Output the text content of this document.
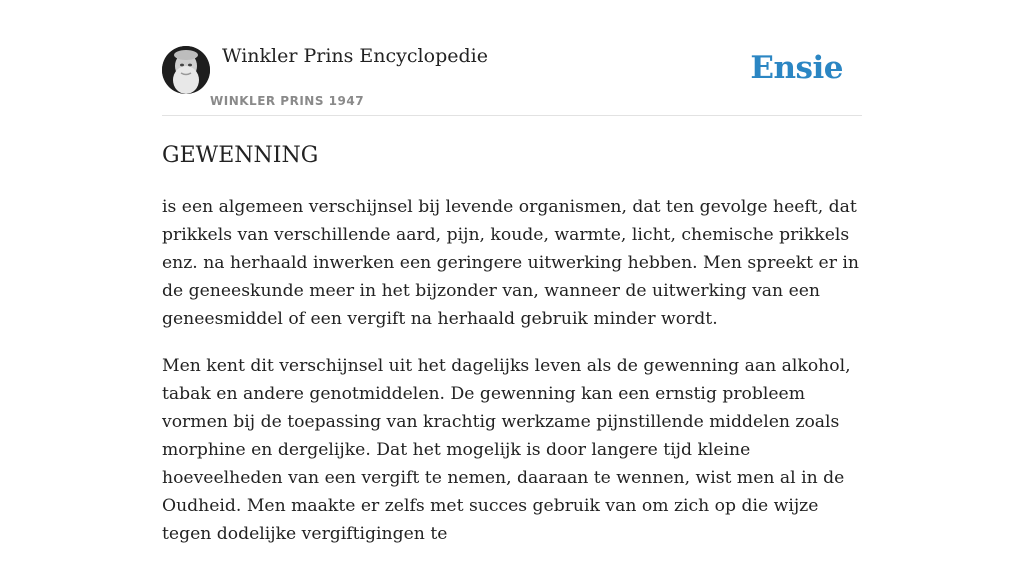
Winkler Prins Encyclopedie
WINKLER PRINS 1947
Ensie
GEWENNING

is een algemeen verschijnsel bij levende organismen, dat ten gevolge heeft, dat prikkels van verschillende aard, pijn, koude, warmte, licht, chemische prikkels enz. na herhaald inwerken een geringere uitwerking hebben. Men spreekt er in de geneeskunde meer in het bijzonder van, wanneer de uitwerking van een geneesmiddel of een vergift na herhaald gebruik minder wordt.

Men kent dit verschijnsel uit het dagelijks leven als de gewenning aan alkohol, tabak en andere genotmiddelen. De gewenning kan een ernstig probleem vormen bij de toepassing van krachtig werkzame pijnstillende middelen zoals morphine en dergelijke. Dat het mogelijk is door langere tijd kleine hoeveelheden van een vergift te nemen, daaraan te wennen, wist men al in de Oudheid. Men maakte er zelfs met succes gebruik van om zich op die wijze tegen dodelijke vergiftigingen te
